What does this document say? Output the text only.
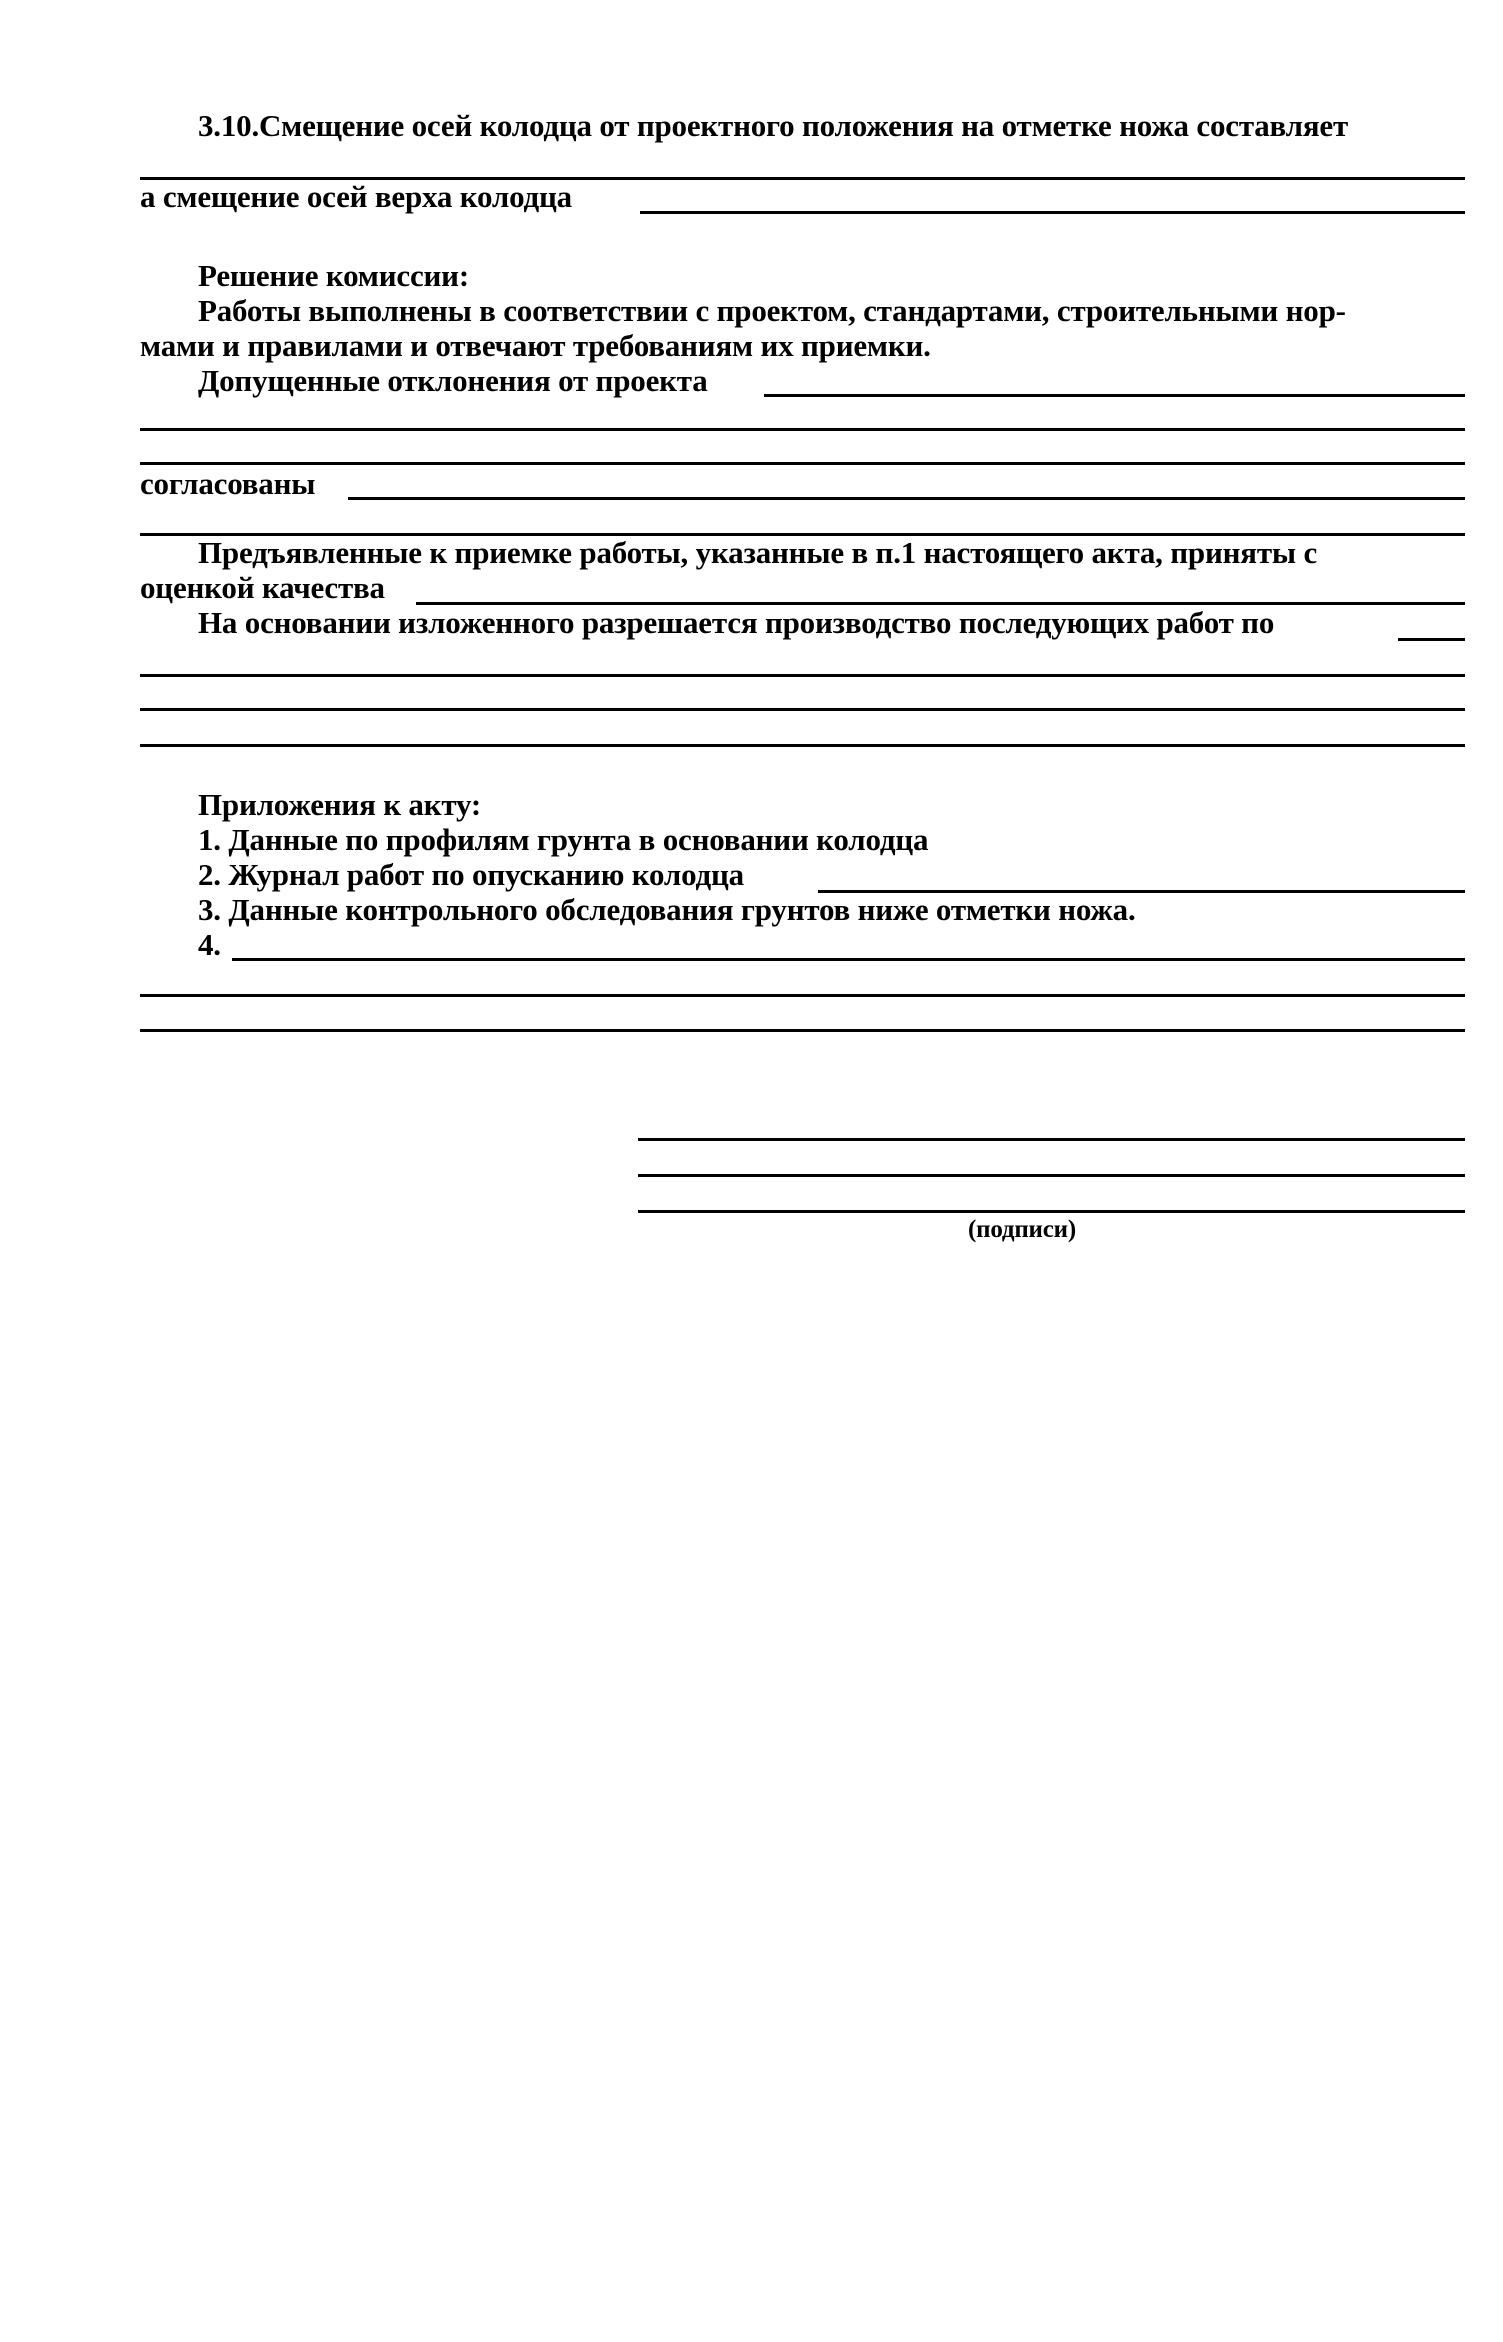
3.10.Смещение осей колодца от проектного положения на отметке ножа составляет
а смещение осей верха колодца
Решение комиссии:
Работы выполнены в соответствии с проектом, стандартами, строительными нор-
мами и правилами и отвечают требованиям их приемки.
Допущенные отклонения от проекта
согласованы
Предъявленные к приемке работы, указанные в п.1 настоящего акта, приняты с
оценкой качества
На основании изложенного разрешается производство последующих работ по
Приложения к акту:
1. Данные по профилям грунта в основании колодца
2. Журнал работ по опусканию колодца
3. Данные контрольного обследования грунтов ниже отметки ножа.
4.
(подписи)
